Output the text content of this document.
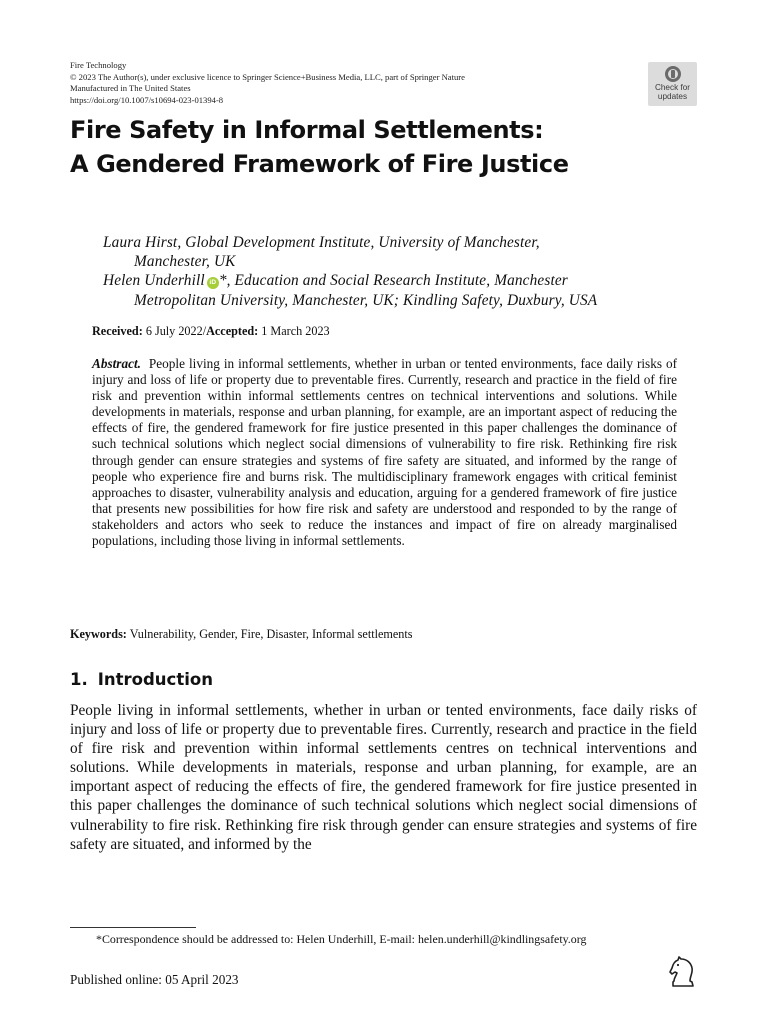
Fire Technology
© 2023 The Author(s), under exclusive licence to Springer Science+Business Media, LLC, part of Springer Nature
Manufactured in The United States
https://doi.org/10.1007/s10694-023-01394-8
Check for
updates
Fire Safety in Informal Settlements:
A Gendered Framework of Fire Justice
Laura Hirst, Global Development Institute, University of Manchester,
Manchester, UK
Helen Underhill iD *, Education and Social Research Institute, Manchester
Metropolitan University, Manchester, UK; Kindling Safety, Duxbury, USA
Received: 6 July 2022/Accepted: 1 March 2023

Abstract. People living in informal settlements, whether in urban or tented environments, face daily risks of injury and loss of life or property due to preventable fires. Currently, research and practice in the field of fire risk and prevention within informal settlements centres on technical interventions and solutions. While developments in materials, response and urban planning, for example, are an important aspect of reducing the effects of fire, the gendered framework for fire justice presented in this paper challenges the dominance of such technical solutions which neglect social dimensions of vulnerability to fire risk. Rethinking fire risk through gender can ensure strategies and systems of fire safety are situated, and informed by the range of people who experience fire and burns risk. The multidisciplinary framework engages with critical feminist approaches to disaster, vulnerability analysis and education, arguing for a gendered framework of fire justice that presents new possibilities for how fire risk and safety are understood and responded to by the range of stakeholders and actors who seek to reduce the instances and impact of fire on already marginalised populations, including those living in informal settlements.

Keywords: Vulnerability, Gender, Fire, Disaster, Informal settlements
1. Introduction

People living in informal settlements, whether in urban or tented environments, face daily risks of injury and loss of life or property due to preventable fires. Currently, research and practice in the field of fire risk and prevention within informal settlements centres on technical interventions and solutions. While developments in materials, response and urban planning, for example, are an important aspect of reducing the effects of fire, the gendered framework for fire justice presented in this paper challenges the dominance of such technical solutions which neglect social dimensions of vulnerability to fire risk. Rethinking fire risk through gender can ensure strategies and systems of fire safety are situated, and informed by the

*Correspondence should be addressed to: Helen Underhill, E-mail: helen.underhill@kindlingsafety.org
Published online: 05 April 2023
